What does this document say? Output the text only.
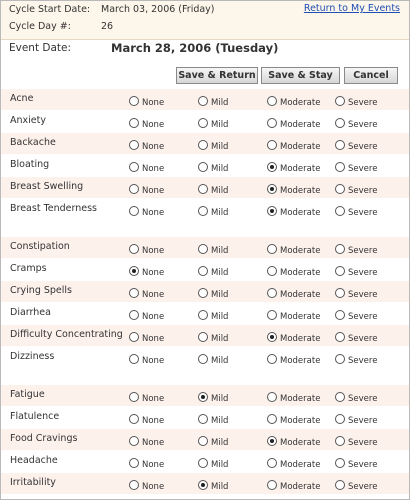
Cycle Start Date: March 03, 2006 (Friday)
Cycle Day #:	26
Return to My Events
Event Date:	March 28, 2006 (Tuesday)
Save & Return	Save & Stay	Cancel
Acne	None	Mild	Moderate	Severe
Anxiety	None	Mild	Moderate	Severe
Backache	None	Mild	Moderate	Severe
Bloating	None	Mild	Moderate	Severe
Breast Swelling	None	Mild	Moderate	Severe
Breast Tenderness	None	Mild	Moderate	Severe
Constipation	None	Mild	Moderate	Severe
Cramps	None	Mild	Moderate	Severe
Crying Spells	None	Mild	Moderate	Severe
Diarrhea	None	Mild	Moderate	Severe
Difficulty Concentrating None	Mild	Moderate	Severe
Dizziness	None	Mild	Moderate	Severe
Fatigue	None	Mild	Moderate	Severe
Flatulence	None	Mild	Moderate	Severe
Food Cravings	None	Mild	Moderate	Severe
Headache	None	Mild	Moderate	Severe
Irritability	None	Mild	Moderate	Severe
